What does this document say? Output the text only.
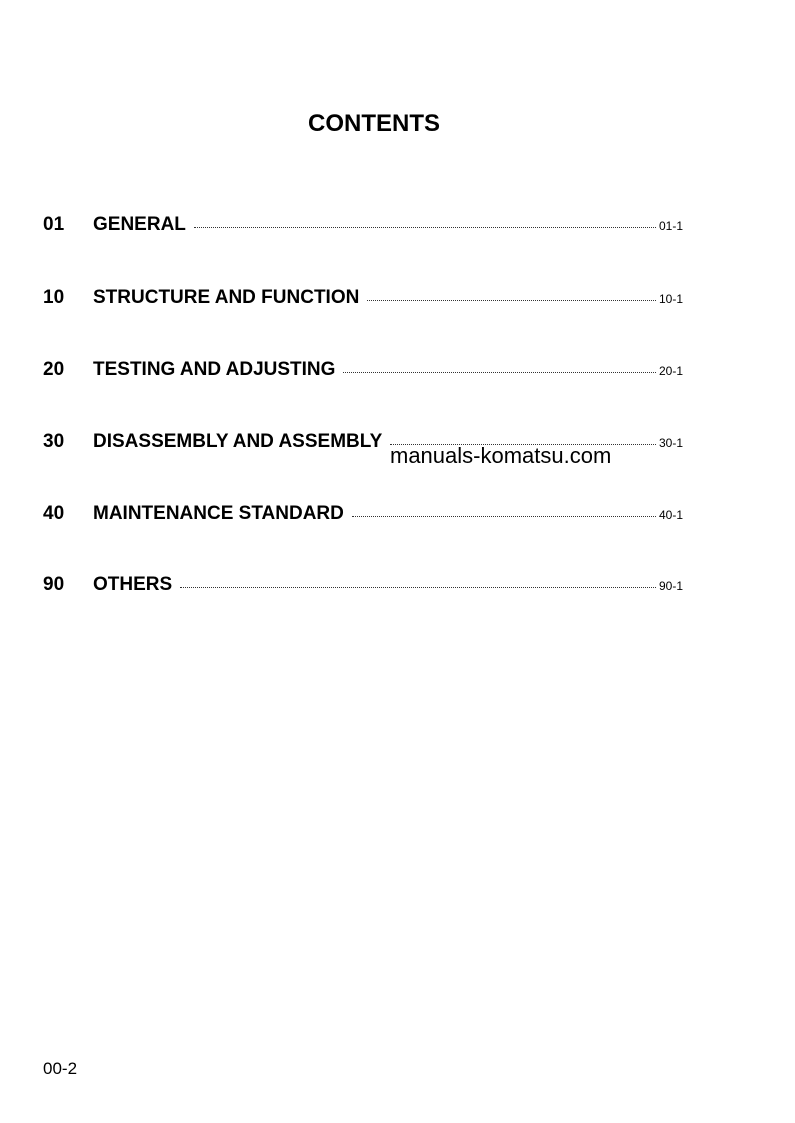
CONTENTS
01	GENERAL	01-1
10	STRUCTURE AND FUNCTION	10-1
20	TESTING AND ADJUSTING	20-1
30	DISASSEMBLY AND ASSEMBLY	30-1
40	MAINTENANCE STANDARD	40-1
90	OTHERS	90-1
manuals-komatsu.com
00-2
